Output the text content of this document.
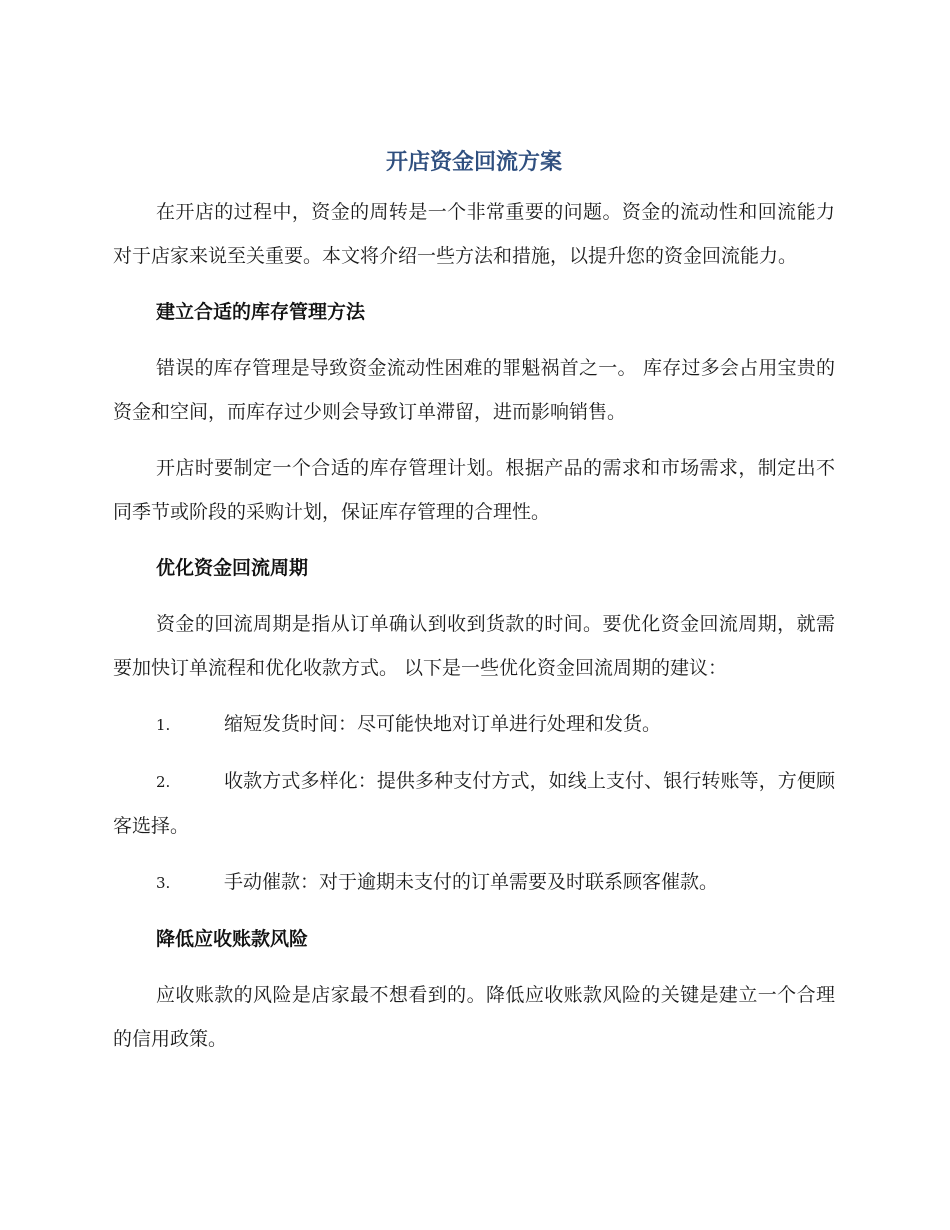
开店资金回流方案

在开店的过程中，资金的周转是一个非常重要的问题。资金的流动性和回流能力对于店家来说至关重要。本文将介绍一些方法和措施，以提升您的资金回流能力。

建立合适的库存管理方法

错误的库存管理是导致资金流动性困难的罪魁祸首之一。 库存过多会占用宝贵的资金和空间，而库存过少则会导致订单滞留，进而影响销售。

开店时要制定一个合适的库存管理计划。根据产品的需求和市场需求，制定出不同季节或阶段的采购计划，保证库存管理的合理性。

优化资金回流周期

资金的回流周期是指从订单确认到收到货款的时间。要优化资金回流周期，就需要加快订单流程和优化收款方式。 以下是一些优化资金回流周期的建议：

1.	缩短发货时间：尽可能快地对订单进行处理和发货。

2.	收款方式多样化：提供多种支付方式，如线上支付、银行转账等，方便顾客选择。

3.	手动催款：对于逾期未支付的订单需要及时联系顾客催款。

降低应收账款风险

应收账款的风险是店家最不想看到的。降低应收账款风险的关键是建立一个合理的信用政策。
